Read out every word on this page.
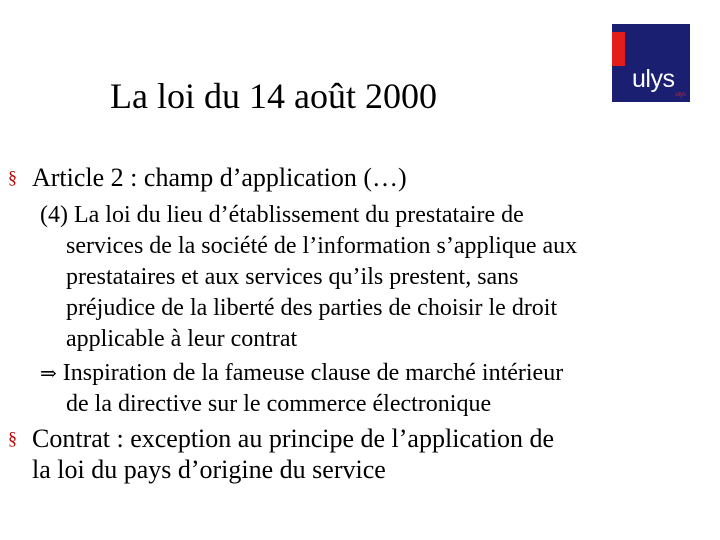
La loi du 14 août 2000	ulys
ulys
§ Article 2 : champ d’application (…)
(4) La loi du lieu d’établissement du prestataire de
services de la société de l’information s’applique aux
prestataires et aux services qu’ils prestent, sans
préjudice de la liberté des parties de choisir le droit
applicable à leur contrat
⇒ Inspiration de la fameuse clause de marché intérieur
de la directive sur le commerce électronique
§ Contrat : exception au principe de l’application de
la loi du pays d’origine du service
